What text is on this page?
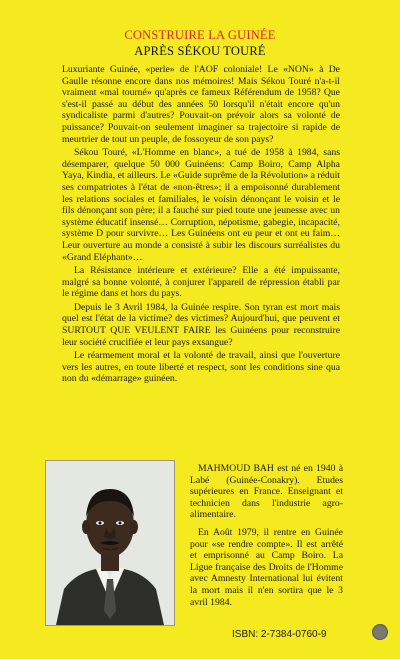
CONSTRUIRE LA GUINÉE
APRÈS SÉKOU TOURÉ

Luxuriante Guinée, «perle» de l'AOF coloniale! Le «NON» à De Gaulle résonne encore dans nos mémoires! Mais Sékou Touré n'a-t-il vraiment «mal tourné» qu'après ce fameux Référendum de 1958? Que s'est-il passé au début des années 50 lorsqu'il n'était encore qu'un syndicaliste parmi d'autres? Pouvait-on prévoir alors sa volonté de puissance? Pouvait-on seulement imaginer sa trajectoire si rapide de meurtrier de tout un peuple, de fossoyeur de son pays?

Sékou Touré, «L'Homme en blanc», a tué de 1958 à 1984, sans désemparer, quelque 50 000 Guinéens: Camp Boiro, Camp Alpha Yaya, Kindia, et ailleurs. Le «Guide suprême de la Révolution» a réduit ses compatriotes à l'état de «non-êtres»; il a empoisonné durablement les relations sociales et familiales, le voisin dénonçant le voisin et le fils dénonçant son père; il a fauché sur pied toute une jeunesse avec un système éducatif insensé… Corruption, népotisme, gabegie, incapacité, système D pour survivre… Les Guinéens ont eu peur et ont eu faim… Leur ouverture au monde a consisté à subir les discours surréalistes du «Grand Eléphant»…

La Résistance intérieure et extérieure? Elle a été impuissante, malgré sa bonne volonté, à conjurer l'appareil de répression établi par le régime dans et hors du pays.

Depuis le 3 Avril 1984, la Guinée respire. Son tyran est mort mais quel est l'état de la victime? des victimes? Aujourd'hui, que peuvent et SURTOUT QUE VEULENT FAIRE les Guinéens pour reconstruire leur société crucifiée et leur pays exsangue?

Le réarmement moral et la volonté de travail, ainsi que l'ouverture vers les autres, en toute liberté et respect, sont les conditions sine qua non du «démarrage» guinéen.

MAHMOUD BAH est né en 1940 à Labé (Guinée-Conakry). Etudes supérieures en France. Enseignant et technicien dans l'industrie agro-alimentaire.

En Août 1979, il rentre en Guinée pour «se rendre compte». Il est arrêté et emprisonné au Camp Boiro. La Ligue française des Droits de l'Homme avec Amnesty International lui évitent la mort mais il n'en sortira que le 3 avril 1984.

ISBN: 2-7384-0760-9
